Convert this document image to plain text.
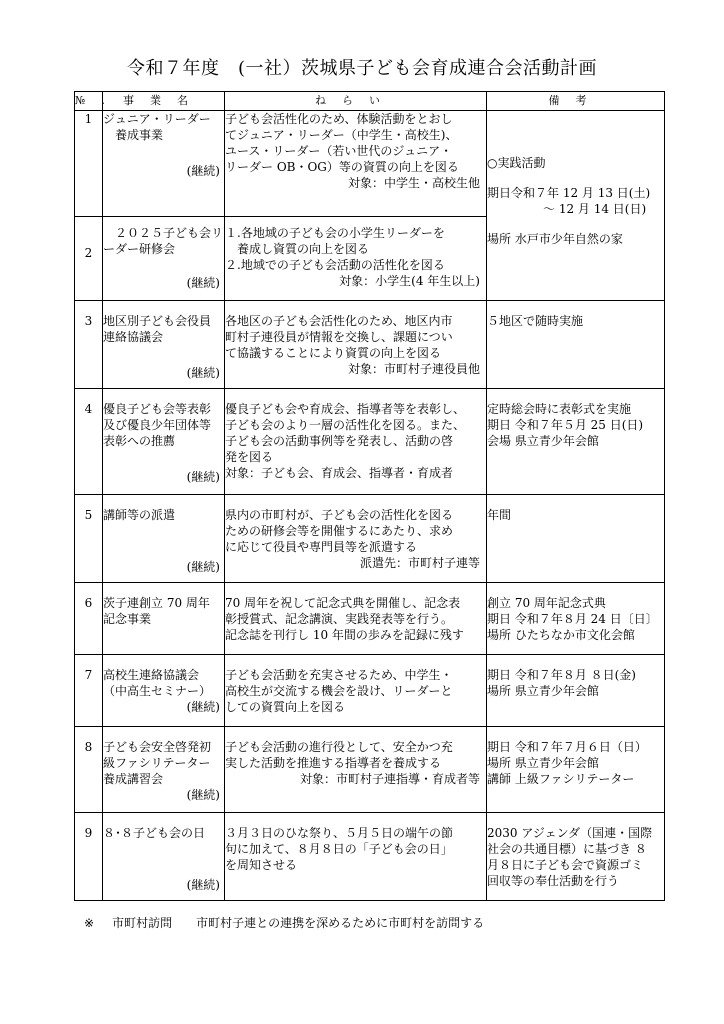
令和７年度　(一社）茨城県子ども会育成連合会活動計画
№.	事業名	ねらい	備考
1	ジュニア・リーダー
養成事業
(継続)	子ども会活性化のため、体験活動をとおし
てジュニア・リーダー（中学生・高校生)、
ユース・リーダー（若い世代のジュニア・
リーダー OB・OG）等の資質の向上を図る
対象：中学生・高校生他	○実践活動
期日令和７年 12 月 13 日(土)
～ 12 月 14 日(日)
場所 水戸市少年自然の家

2	２０２５子ども会リ
ーダー研修会
(継続)	１.各地域の子ども会の小学生リーダーを
養成し資質の向上を図る
２.地域での子ども会活動の活性化を図る
対象：小学生(4 年生以上)	

3	地区別子ども会役員
連絡協議会
(継続)	各地区の子ども会活性化のため、地区内市
町村子連役員が情報を交換し、課題につい
て協議することにより資質の向上を図る
対象：市町村子連役員他	５地区で随時実施

4	優良子ども会等表彰
及び優良少年団体等
表彰への推薦
(継続)	優良子ども会や育成会、指導者等を表彰し、
子ども会のより一層の活性化を図る。また、
子ども会の活動事例等を発表し、活動の啓
発を図る
対象：子ども会、育成会、指導者・育成者	定時総会時に表彰式を実施
期日 令和７年５月 25 日(日)
会場 県立青少年会館

5	講師等の派遣
(継続)	県内の市町村が、子ども会の活性化を図る
ための研修会等を開催するにあたり、求め
に応じて役員や専門員等を派遣する
派遣先：市町村子連等	年間

6	茨子連創立 70 周年
記念事業	70 周年を祝して記念式典を開催し、記念表
彰授賞式、記念講演、実践発表等を行う。
記念誌を刊行し 10 年間の歩みを記録に残す	創立 70 周年記念式典
期日 令和７年８月 24 日〔日〕
場所 ひたちなか市文化会館

7	高校生連絡協議会
（中高生セミナー）
(継続)	子ども会活動を充実させるため、中学生・
高校生が交流する機会を設け、リーダーと
しての資質向上を図る	期日 令和７年８月 ８日(金)
場所 県立青少年会館

8	子ども会安全啓発初
級ファシリテーター
養成講習会
(継続)	子ども会活動の進行役として、安全かつ充
実した活動を推進する指導者を養成する
対象：市町村子連指導・育成者等	期日 令和７年７月６日（日）
場所 県立青少年会館
講師 上級ファシリテーター

9	８･８子ども会の日
(継続)	３月３日のひな祭り、５月５日の端午の節
句に加えて、８月８日の「子ども会の日」
を周知させる	2030 アジェンダ（国連・国際
社会の共通目標）に基づき ８
月８日に子ども会で資源ゴミ
回収等の奉仕活動を行う
※ 市町村訪問 市町村子連との連携を深めるために市町村を訪問する
